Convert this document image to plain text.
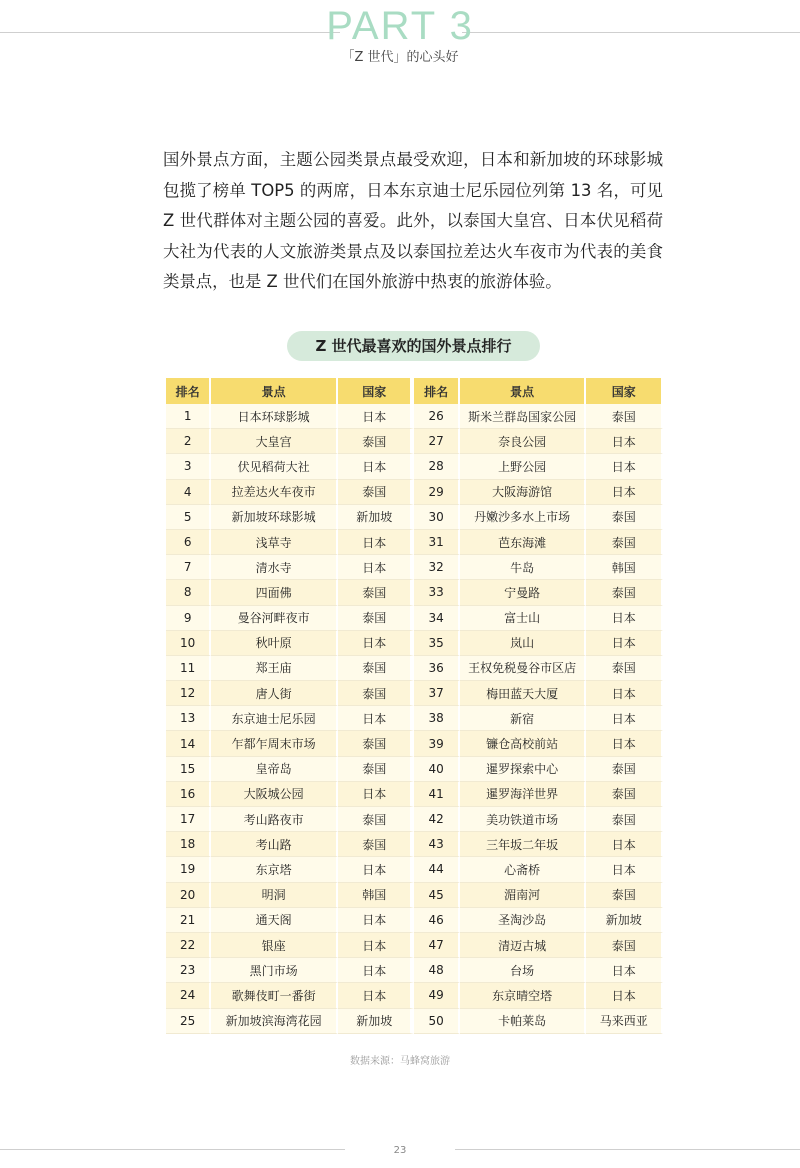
PART 3
「Z 世代」的心头好

国外景点方面，主题公园类景点最受欢迎，日本和新加坡的环球影城包揽了榜单 TOP5 的两席，日本东京迪士尼乐园位列第 13 名，可见 Z 世代群体对主题公园的喜爱。此外，以泰国大皇宫、日本伏见稻荷大社为代表的人文旅游类景点及以泰国拉差达火车夜市为代表的美食类景点，也是 Z 世代们在国外旅游中热衷的旅游体验。

Z 世代最喜欢的国外景点排行
排名	景点	国家	排名	景点	国家
1	日本环球影城	日本	26	斯米兰群岛国家公园	泰国
2	大皇宫	泰国	27	奈良公园	日本
3	伏见稻荷大社	日本	28	上野公园	日本
4	拉差达火车夜市	泰国	29	大阪海游馆	日本
5	新加坡环球影城	新加坡	30	丹嫩沙多水上市场	泰国
6	浅草寺	日本	31	芭东海滩	泰国
7	清水寺	日本	32	牛岛	韩国
8	四面佛	泰国	33	宁曼路	泰国
9	曼谷河畔夜市	泰国	34	富士山	日本
10	秋叶原	日本	35	岚山	日本
11	郑王庙	泰国	36	王权免税曼谷市区店	泰国
12	唐人街	泰国	37	梅田蓝天大厦	日本
13	东京迪士尼乐园	日本	38	新宿	日本
14	乍都乍周末市场	泰国	39	镰仓高校前站	日本
15	皇帝岛	泰国	40	暹罗探索中心	泰国
16	大阪城公园	日本	41	暹罗海洋世界	泰国
17	考山路夜市	泰国	42	美功铁道市场	泰国
18	考山路	泰国	43	三年坂二年坂	日本
19	东京塔	日本	44	心斋桥	日本
20	明洞	韩国	45	湄南河	泰国
21	通天阁	日本	46	圣淘沙岛	新加坡
22	银座	日本	47	清迈古城	泰国
23	黑门市场	日本	48	台场	日本
24	歌舞伎町一番街	日本	49	东京晴空塔	日本
25	新加坡滨海湾花园	新加坡	50	卡帕莱岛	马来西亚
数据来源：马蜂窝旅游
23
